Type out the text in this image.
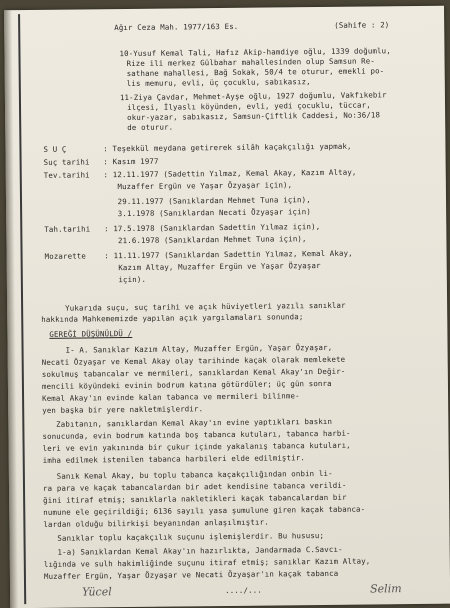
Ağır Ceza Mah. 1977/163 Es.	(Sahife : 2)
10-Yusuf Kemal Tali, Hafız Akip-hamdiye oğlu, 1339 doğumlu,
Rize ili merkez Gülbahar mahallesinden olup Samsun Re-
sathane mahallesi, Bağ Sokak, 50/4 te oturur, emekli po-
lis memuru, evli, üç çocuklu, sabıkasız,
11-Ziya Çavdar, Mehmet-Ayşe oğlu, 1927 doğumlu, Vakfıkebir
ilçesi, İlyaslı köyünden, evli, yedi çocuklu, tüccar,
okur-yazar, sabıkasız, Samsun-Çiftlik Caddesi, No:36/18
de oturur.
S U Ç        : Teşekkül meydana getirerek silâh kaçakçılığı yapmak,
Suç tarihi   : Kasım 1977
Tev.tarihi   : 12.11.1977 (Sadettin Yılmaz, Kemal Akay, Kazım Altay,
Muzaffer Ergün ve Yaşar Özyaşar için),
29.11.1977 (Sanıklardan Mehmet Tuna için),
3.1.1978 (Sanıklardan Necati Özyaşar için)
Tah.tarihi   : 17.5.1978 (Sanıklardan Sadettin Yılmaz için),
21.6.1978 (Sanıklardan Mehmet Tuna için),
Mozarette    : 11.11.1977 (Sanıklardan Sadettin Yılmaz, Kemal Akay,
Kazım Altay, Muzaffer Ergün ve Yaşar Özyaşar
için).
Yukarıda suçu, suç tarihi ve açık hüviyetleri yazılı sanıklar
hakkında Mahkememizde yapılan açık yargılamaları sonunda;
GEREĞİ DÜŞÜNÜLDÜ /
I- A. Sanıklar Kazım Altay, Muzaffer Ergün, Yaşar Özyaşar,
Necati Özyaşar ve Kemal Akay olay tarihinde kaçak olarak memlekete
sokulmuş tabancalar ve mermileri, sanıklardan Kemal Akay'ın Değir-
mencili köyündeki evinin bodrum katına götürdüler; üç gün sonra
Kemal Akay'ın evinde kalan tabanca ve mermileri bilinme-
yen başka bir yere nakletmişlerdir.
Zabıtanın, sanıklardan Kemal Akay'ın evine yaptıkları baskın
sonucunda, evin bodrum katında boş tabanca kutuları, tabanca harbi-
leri ve evin yakınında bir çukur içinde yakalanış tabanca kutuları,
imha edilmek istenilen tabanca harbileri elde edilmiştir.
Sanık Kemal Akay, bu toplu tabanca kaçakçılığından onbin li-
ra para ve kaçak tabancalardan bir adet kendisine tabanca verildi-
ğini itiraf etmiş; sanıklarla nakletikleri kaçak tabancalardan bir
numune ele geçirildiği; 6136 sayılı yasa şumulune giren kaçak tabanca-
lardan olduğu bilirkişi beyanından anlaşılmıştır.
Sanıklar toplu kaçakçılık suçunu işlemişlerdir. Bu hususu;
1-a) Sanıklardan Kemal Akay'ın hazırlıkta, Jandarmada C.Savcı-
lığında ve sulh hakimliğinde suçunu itiraf etmiş; sanıklar Kazım Altay,
Muzaffer Ergün, Yaşar Özyaşar ve Necati Özyaşar'ın kaçak tabanca
..../...
Yücel	Selim
